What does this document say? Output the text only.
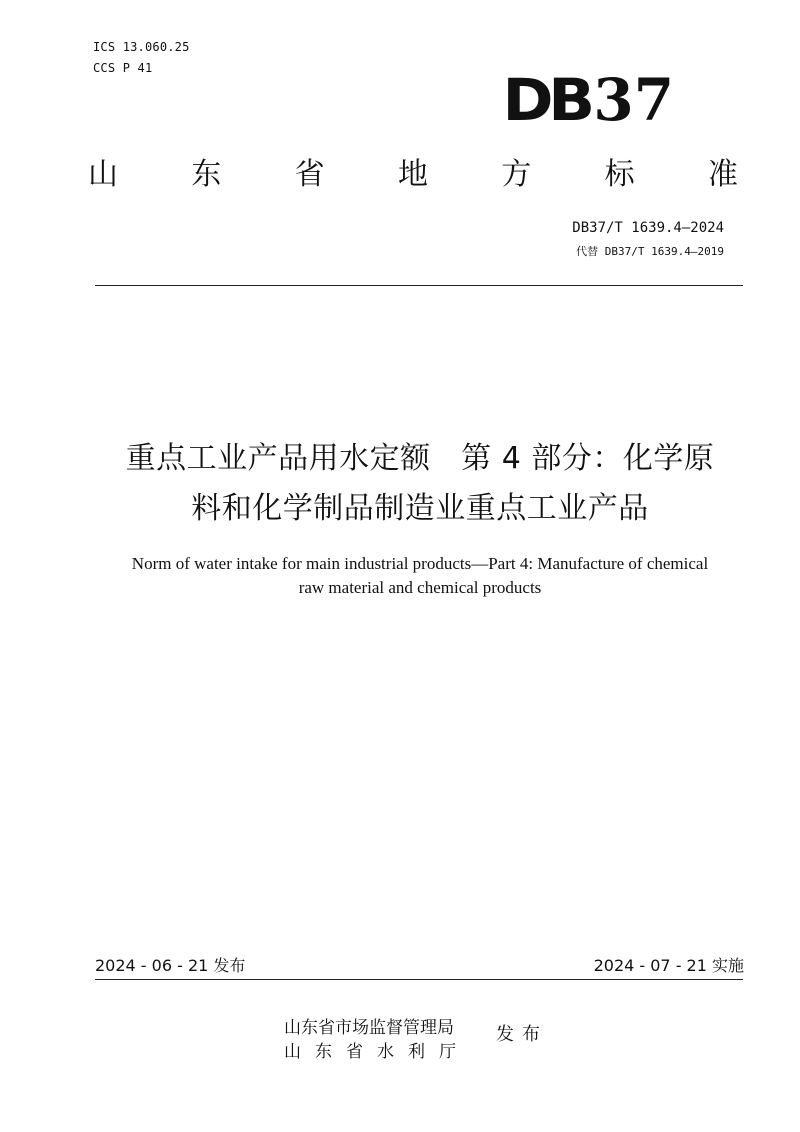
ICS 13.060.25
CCS P 41	DB37
山 东 省 地 方 标 准
DB37/T 1639.4—2024
代替 DB37/T 1639.4—2019
重点工业产品用水定额　第 4 部分：化学原
料和化学制品制造业重点工业产品
Norm of water intake for main industrial products—Part 4: Manufacture of chemical
raw material and chemical products
2024 - 06 - 21 发布	2024 - 07 - 21 实施
山东省市场监督管理局
山东省水利厅
发布
